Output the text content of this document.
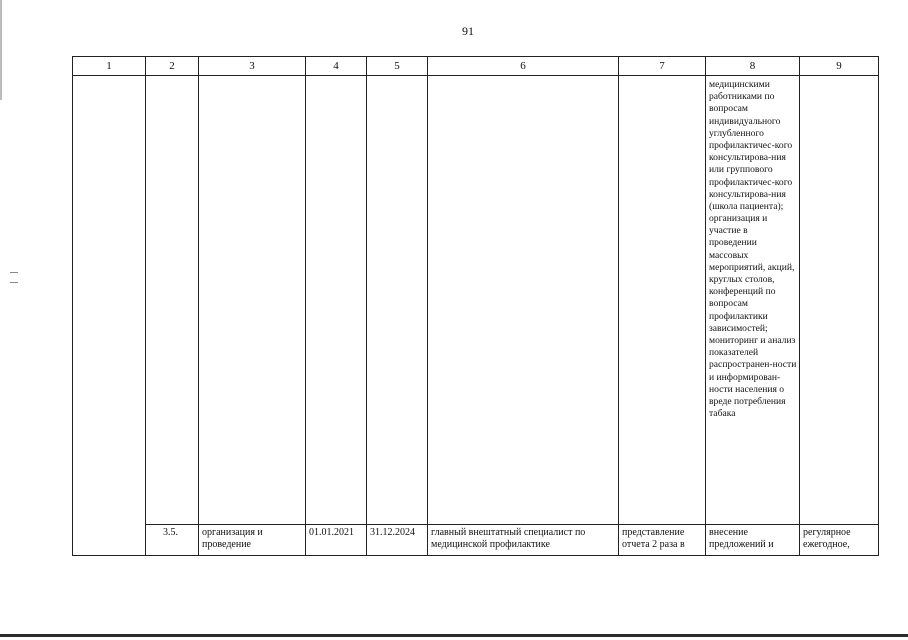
91
1	2	3	4	5	6	7	8	9

							медицинскими работниками по вопросам индивидуального углубленного профилактичес-кого консультирова-ния или группового профилактичес-кого консультирова-ния (школа пациента); организация и участие в проведении массовых мероприятий, акций, круглых столов, конференций по вопросам профилактики зависимостей; мониторинг и анализ показателей распространен-ности и информирован-ности населения о вреде потребления табака	

	3.5.	организация и проведение	01.01.2021	31.12.2024	главный внештатный специалист по медицинской профилактике	представление отчета 2 раза в	внесение предложений и	регулярное ежегодное,
